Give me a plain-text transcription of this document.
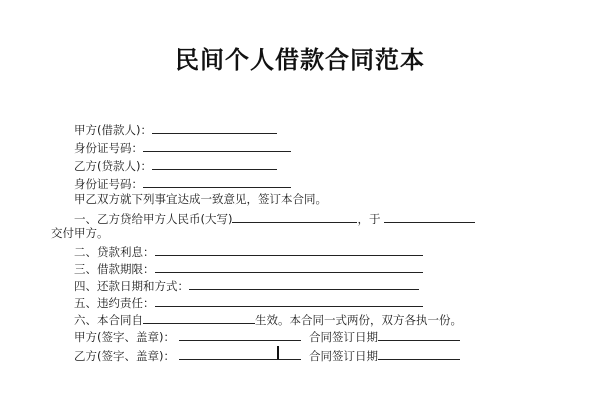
民间个人借款合同范本
甲方(借款人)：
身份证号码：
乙方(贷款人)：
身份证号码：
甲乙双方就下列事宜达成一致意见，签订本合同。
一、乙方贷给甲方人民币(大写)	，于
交付甲方。
二、贷款利息：
三、借款期限：
四、还款日期和方式：
五、违约责任：
六、本合同自	生效。本合同一式两份，双方各执一份。
甲方(签字、盖章)：	合同签订日期
乙方(签字、盖章)：	合同签订日期
